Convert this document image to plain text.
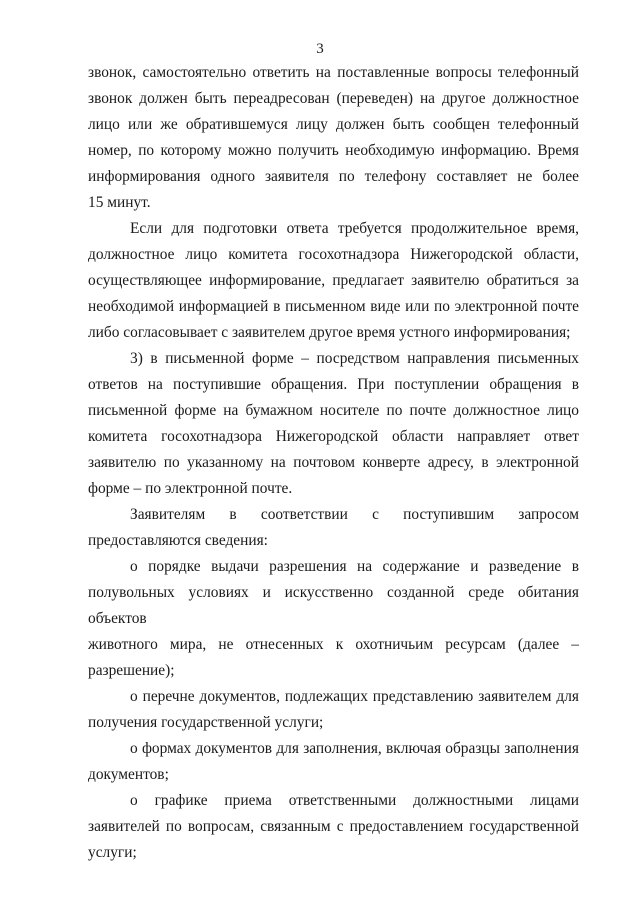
3
звонок, самостоятельно ответить на поставленные вопросы телефонный
звонок должен быть переадресован (переведен) на другое должностное
лицо или же обратившемуся лицу должен быть сообщен телефонный
номер, по которому можно получить необходимую информацию. Время
информирования одного заявителя по телефону составляет не более
15 минут.
Если для подготовки ответа требуется продолжительное время,
должностное лицо комитета госохотнадзора Нижегородской области,
осуществляющее информирование, предлагает заявителю обратиться за
необходимой информацией в письменном виде или по электронной почте
либо согласовывает с заявителем другое время устного информирования;
3) в письменной форме – посредством направления письменных
ответов на поступившие обращения. При поступлении обращения в
письменной форме на бумажном носителе по почте должностное лицо
комитета госохотнадзора Нижегородской области направляет ответ
заявителю по указанному на почтовом конверте адресу, в электронной
форме – по электронной почте.
Заявителям в соответствии с поступившим запросом
предоставляются сведения:
о порядке выдачи разрешения на содержание и разведение в
полувольных условиях и искусственно созданной среде обитания объектов
животного мира, не отнесенных к охотничьим ресурсам (далее –
разрешение);
о перечне документов, подлежащих представлению заявителем для
получения государственной услуги;
о формах документов для заполнения, включая образцы заполнения
документов;
о графике приема ответственными должностными лицами
заявителей по вопросам, связанным с предоставлением государственной
услуги;
